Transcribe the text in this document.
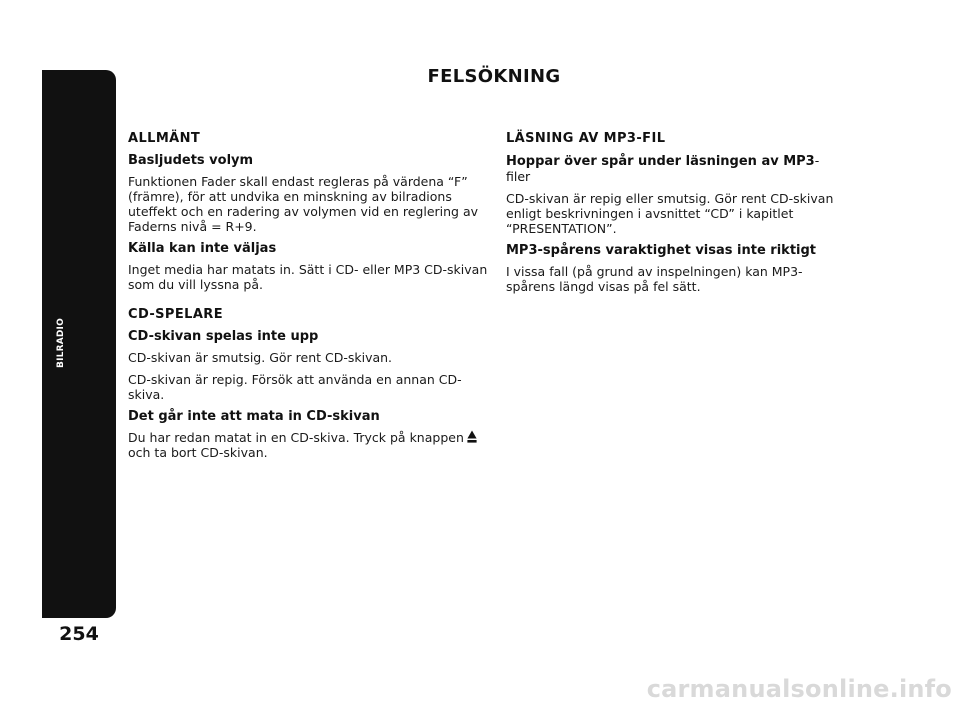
BILRADIO
254
FELSÖKNING
ALLMÄNT
Basljudets volym

Funktionen Fader skall endast regleras på värdena “F” (främre), för att undvika en minskning av bilradions uteffekt och en radering av volymen vid en reglering av Faderns nivå = R+9.

Källa kan inte väljas

Inget media har matats in. Sätt i CD- eller MP3 CD-skivan som du vill lyssna på.

CD-SPELARE
CD-skivan spelas inte upp

CD-skivan är smutsig. Gör rent CD-skivan.

CD-skivan är repig. Försök att använda en annan CD-skiva.

Det går inte att mata in CD-skivan

Du har redan matat in en CD-skiva. Tryck på knappen
och ta bort CD-skivan.

LÄSNING AV MP3-FIL
Hoppar över spår under läsningen av MP3-filer

CD-skivan är repig eller smutsig. Gör rent CD-skivan enligt beskrivningen i avsnittet “CD” i kapitlet “PRESENTATION”.

MP3-spårens varaktighet visas inte riktigt

I vissa fall (på grund av inspelningen) kan MP3-spårens längd visas på fel sätt.

carmanualsonline.info
